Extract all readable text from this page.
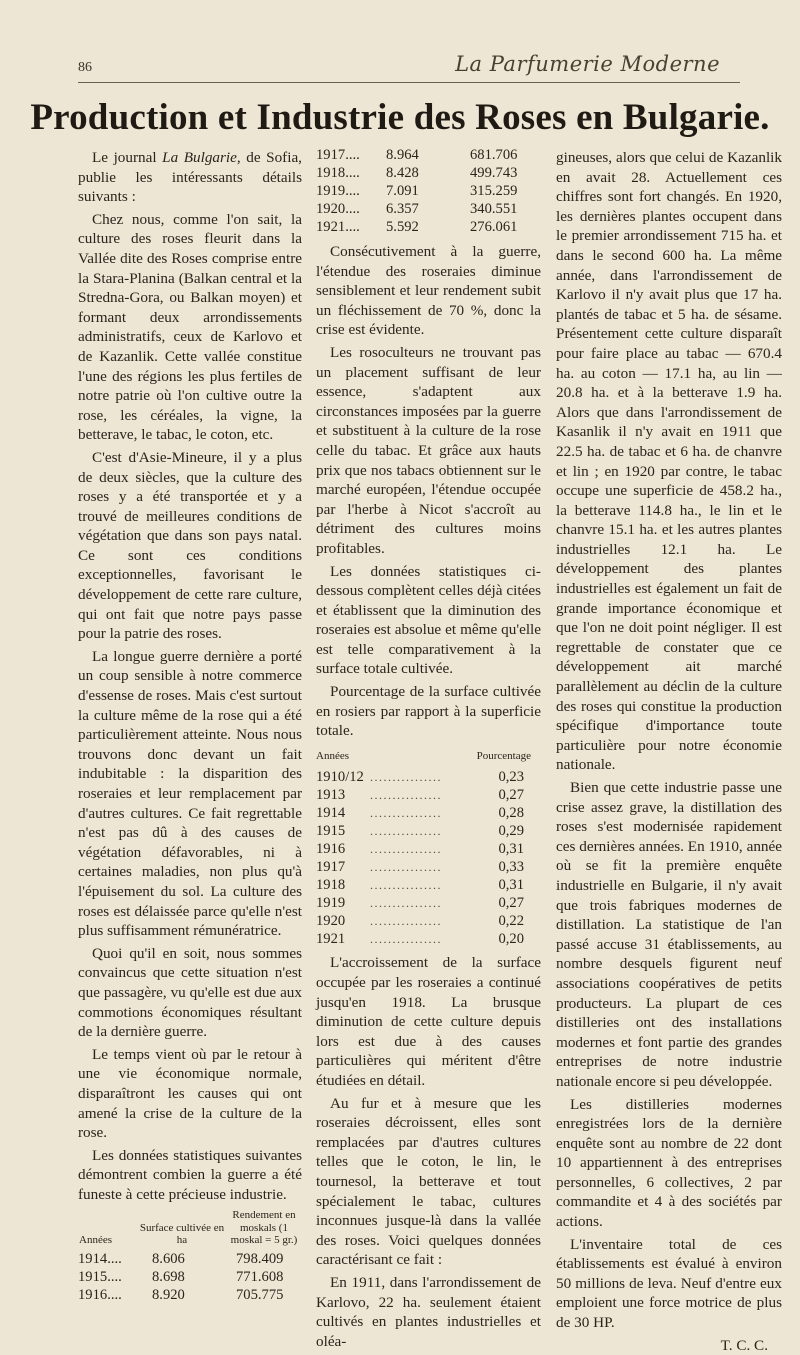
86	La Parfumerie Moderne
Production et Industrie des Roses en Bulgarie.

Le journal La Bulgarie, de Sofia, publie les intéressants détails suivants :

Chez nous, comme l'on sait, la culture des roses fleurit dans la Vallée dite des Roses comprise entre la Stara-Planina (Balkan central et la Stredna-Gora, ou Balkan moyen) et formant deux arrondissements administratifs, ceux de Karlovo et de Kazanlik. Cette vallée constitue l'une des régions les plus fertiles de notre patrie où l'on cultive outre la rose, les céréales, la vigne, la betterave, le tabac, le coton, etc.

C'est d'Asie-Mineure, il y a plus de deux siècles, que la culture des roses y a été transportée et y a trouvé de meilleures conditions de végétation que dans son pays natal. Ce sont ces conditions exceptionnelles, favorisant le développement de cette rare culture, qui ont fait que notre pays passe pour la patrie des roses.

La longue guerre dernière a porté un coup sensible à notre commerce d'essense de roses. Mais c'est surtout la culture même de la rose qui a été particulièrement atteinte. Nous nous trouvons donc devant un fait indubitable : la disparition des roseraies et leur remplacement par d'autres cultures. Ce fait regrettable n'est pas dû à des causes de végétation défavorables, ni à certaines maladies, non plus qu'à l'épuisement du sol. La culture des roses est délaissée parce qu'elle n'est plus suffisamment rémunératrice.

Quoi qu'il en soit, nous sommes convaincus que cette situation n'est que passagère, vu qu'elle est due aux commotions économiques résultant de la dernière guerre.

Le temps vient où par le retour à une vie économique normale, disparaîtront les causes qui ont amené la crise de la culture de la rose.

Les données statistiques suivantes démontrent combien la guerre a été funeste à cette précieuse industrie.

Années	Surface cultivée en ha	Rendement en moskals (1 moskal = 5 gr.)
1914....	8.606	798.409
1915....	8.698	771.608
1916....	8.920	705.775
1917....	8.964	681.706
1918....	8.428	499.743
1919....	7.091	315.259
1920....	6.357	340.551
1921....	5.592	276.061

Consécutivement à la guerre, l'étendue des roseraies diminue sensiblement et leur rendement subit un fléchissement de 70 %, donc la crise est évidente.

Les rosoculteurs ne trouvant pas un placement suffisant de leur essence, s'adaptent aux circonstances imposées par la guerre et substituent à la culture de la rose celle du tabac. Et grâce aux hauts prix que nos tabacs obtiennent sur le marché européen, l'étendue occupée par l'herbe à Nicot s'accroît au détriment des cultures moins profitables.

Les données statistiques ci-dessous complètent celles déjà citées et établissent que la diminution des roseraies est absolue et même qu'elle est telle comparativement à la surface totale cultivée.

Pourcentage de la surface cultivée en rosiers par rapport à la superficie totale.

Années	Pourcentage
1910/12	................	0,23
1913	................	0,27
1914	................	0,28
1915	................	0,29
1916	................	0,31
1917	................	0,33
1918	................	0,31
1919	................	0,27
1920	................	0,22
1921	................	0,20

L'accroissement de la surface occupée par les roseraies a continué jusqu'en 1918. La brusque diminution de cette culture depuis lors est due à des causes particulières qui méritent d'être étudiées en détail.

Au fur et à mesure que les roseraies décroissent, elles sont remplacées par d'autres cultures telles que le coton, le lin, le tournesol, la betterave et tout spécialement le tabac, cultures inconnues jusque-là dans la vallée des roses. Voici quelques données caractérisant ce fait :

En 1911, dans l'arrondissement de Karlovo, 22 ha. seulement étaient cultivés en plantes industrielles et oléa-

gineuses, alors que celui de Kazanlik en avait 28. Actuellement ces chiffres sont fort changés. En 1920, les dernières plantes occupent dans le premier arrondissement 715 ha. et dans le second 600 ha. La même année, dans l'arrondissement de Karlovo il n'y avait plus que 17 ha. plantés de tabac et 5 ha. de sésame. Présentement cette culture disparaît pour faire place au tabac — 670.4 ha. au coton — 17.1 ha, au lin — 20.8 ha. et à la betterave 1.9 ha. Alors que dans l'arrondissement de Kasanlik il n'y avait en 1911 que 22.5 ha. de tabac et 6 ha. de chanvre et lin ; en 1920 par contre, le tabac occupe une superficie de 458.2 ha., la betterave 114.8 ha., le lin et le chanvre 15.1 ha. et les autres plantes industrielles 12.1 ha. Le développement des plantes industrielles est également un fait de grande importance économique et que l'on ne doit point négliger. Il est regrettable de constater que ce développement ait marché parallèlement au déclin de la culture des roses qui constitue la production spécifique d'importance toute particulière pour notre économie nationale.

Bien que cette industrie passe une crise assez grave, la distillation des roses s'est modernisée rapidement ces dernières années. En 1910, année où se fit la première enquête industrielle en Bulgarie, il n'y avait que trois fabriques modernes de distillation. La statistique de l'an passé accuse 31 établissements, au nombre desquels figurent neuf associations coopératives de petits producteurs. La plupart de ces distilleries ont des installations modernes et font partie des grandes entreprises de notre industrie nationale encore si peu développée.

Les distilleries modernes enregistrées lors de la dernière enquête sont au nombre de 22 dont 10 appartiennent à des entreprises personnelles, 6 collectives, 2 par commandite et 4 à des sociétés par actions.

L'inventaire total de ces établissements est évalué à environ 50 millions de leva. Neuf d'entre eux emploient une force motrice de plus de 30 HP.

T. C. C.
